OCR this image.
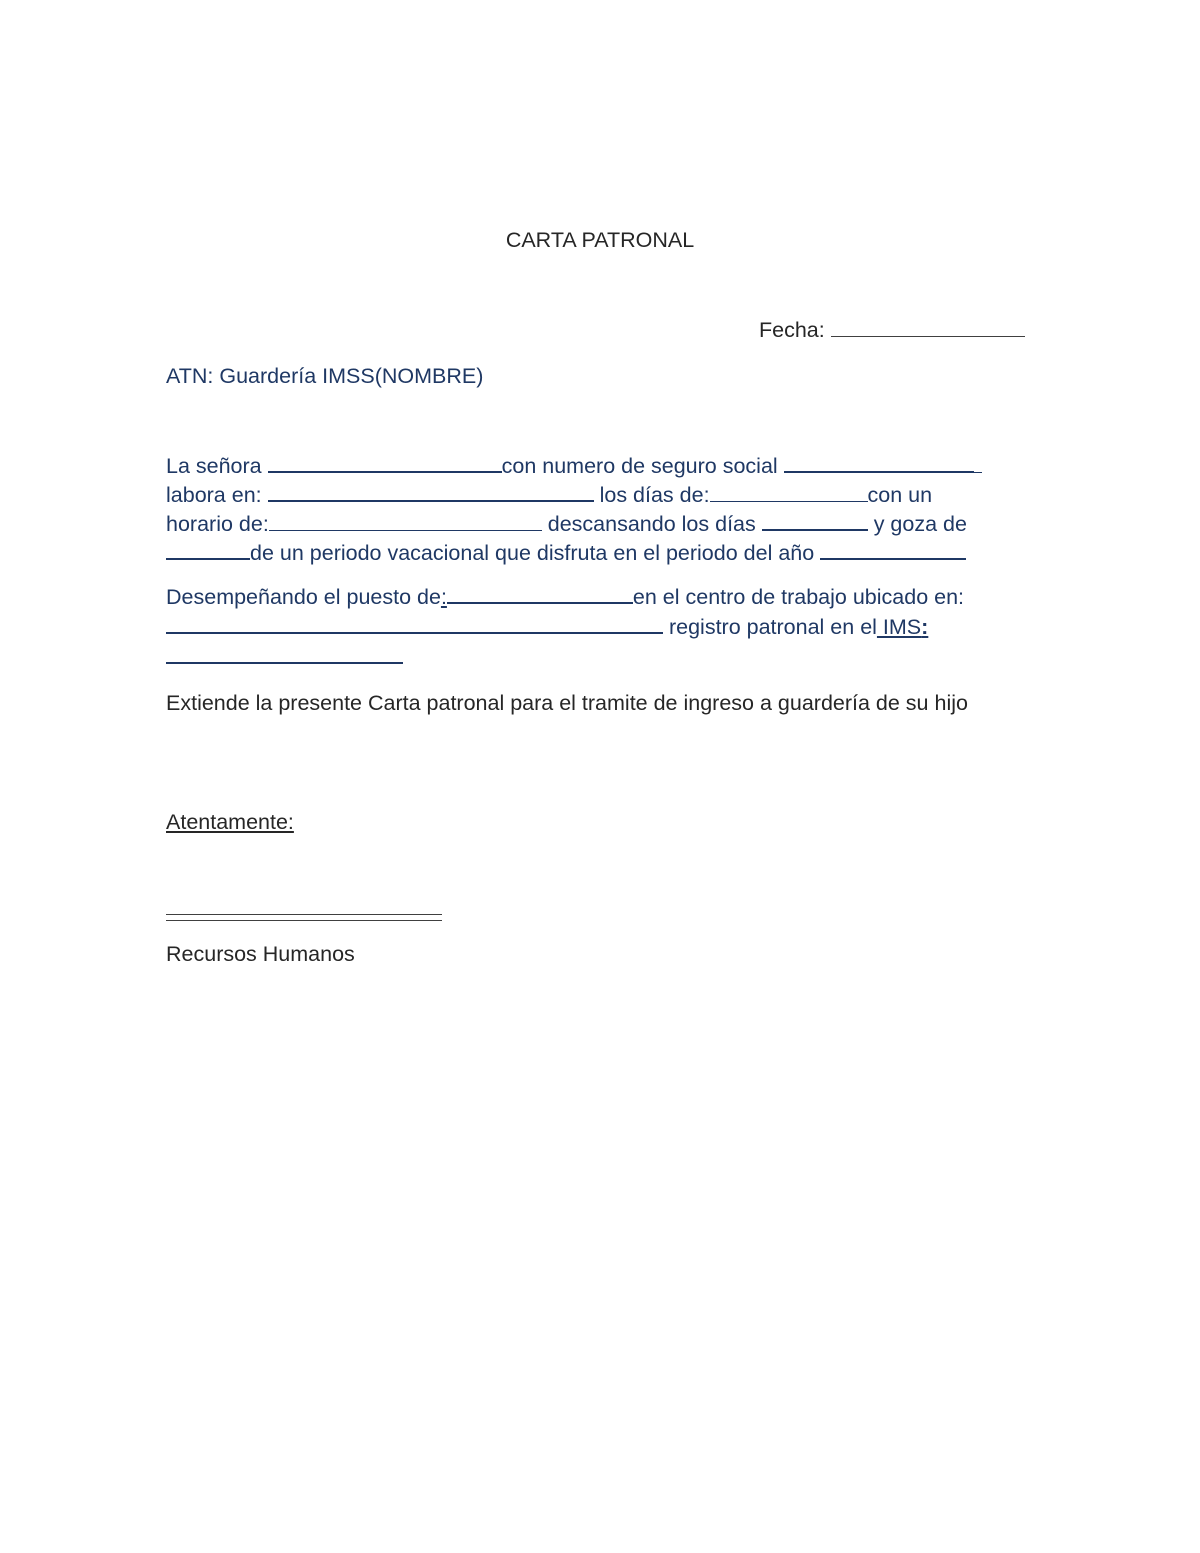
CARTA PATRONAL
Fecha:
ATN: Guardería IMSS(NOMBRE)
La señora	con numero de seguro social
labora en:	los días de:	con un
horario de:	descansando los días	y goza de
de un periodo vacacional que disfruta en el periodo del año
Desempeñando el puesto de:	en el centro de trabajo ubicado en:
registro patronal en el IMS:
Extiende la presente Carta patronal para el tramite de ingreso a guardería de su hijo
Atentamente:
Recursos Humanos
